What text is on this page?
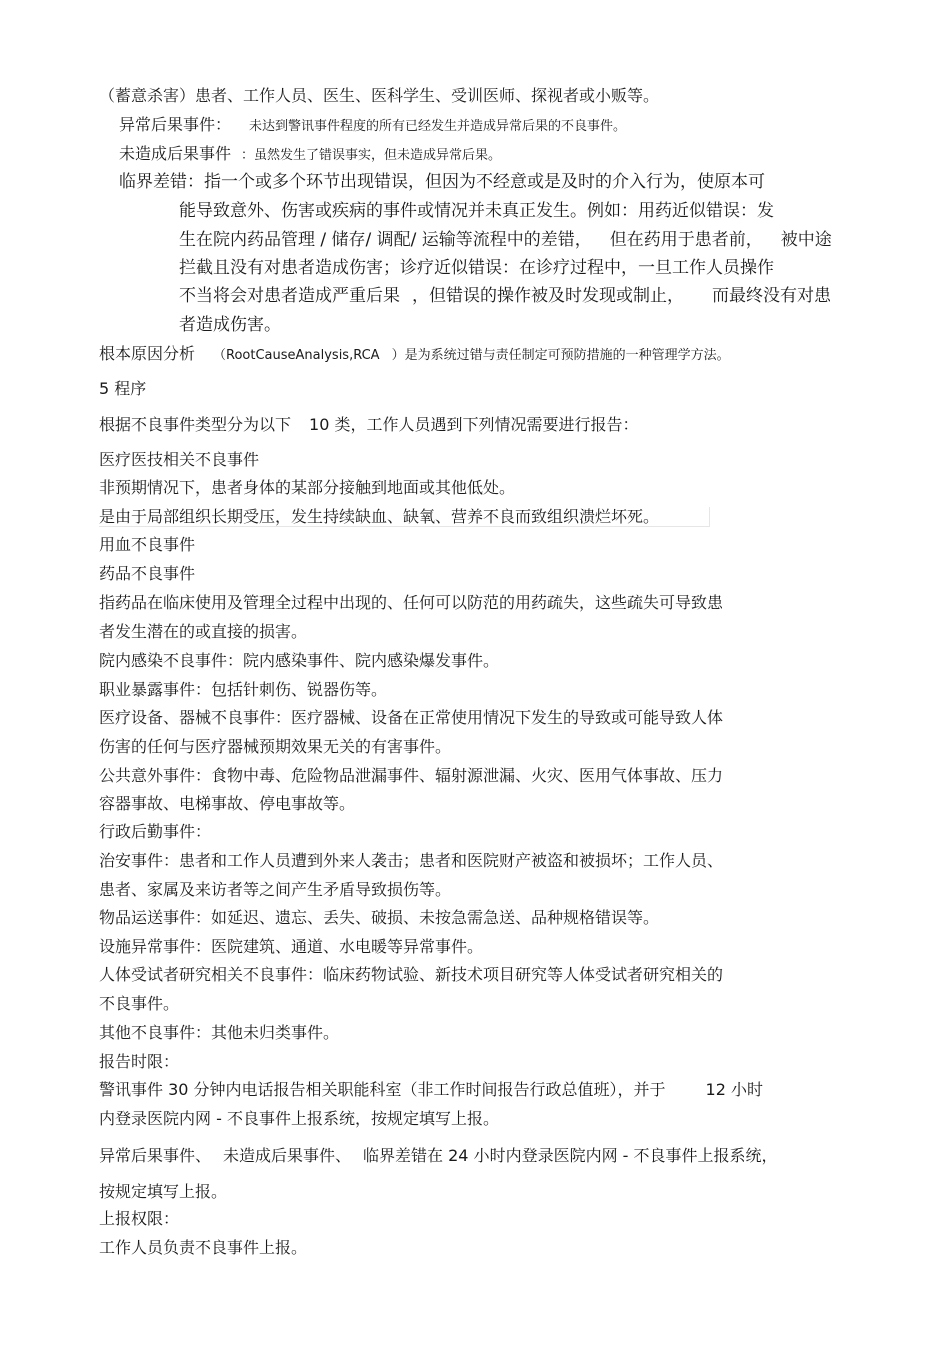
（蓄意杀害）患者、工作人员、医生、医科学生、受训医师、探视者或小贩等。
异常后果事件： 未达到警讯事件程度的所有已经发生并造成异常后果的不良事件。
未造成后果事件 ：虽然发生了错误事实，但未造成异常后果。
临界差错：指一个或多个环节出现错误，但因为不经意或是及时的介入行为，使原本可
能导致意外、伤害或疾病的事件或情况并未真正发生。例如：用药近似错误：发
生在院内药品管理 / 储存/ 调配/ 运输等流程中的差错， 但在药用于患者前， 被中途
拦截且没有对患者造成伤害；诊疗近似错误：在诊疗过程中，一旦工作人员操作
不当将会对患者造成严重后果 ，但错误的操作被及时发现或制止， 而最终没有对患
者造成伤害。
根本原因分析 （RootCauseAnalysis,RCA ）是为系统过错与责任制定可预防措施的一种管理学方法。
5 程序
根据不良事件类型分为以下 10 类，工作人员遇到下列情况需要进行报告：
医疗医技相关不良事件
非预期情况下，患者身体的某部分接触到地面或其他低处。
是由于局部组织长期受压，发生持续缺血、缺氧、营养不良而致组织溃烂坏死。
用血不良事件
药品不良事件
指药品在临床使用及管理全过程中出现的、任何可以防范的用药疏失，这些疏失可导致患
者发生潜在的或直接的损害。
院内感染不良事件：院内感染事件、院内感染爆发事件。
职业暴露事件：包括针刺伤、锐器伤等。
医疗设备、器械不良事件：医疗器械、设备在正常使用情况下发生的导致或可能导致人体
伤害的任何与医疗器械预期效果无关的有害事件。
公共意外事件：食物中毒、危险物品泄漏事件、辐射源泄漏、火灾、医用气体事故、压力
容器事故、电梯事故、停电事故等。
行政后勤事件：
治安事件：患者和工作人员遭到外来人袭击；患者和医院财产被盗和被损坏；工作人员、
患者、家属及来访者等之间产生矛盾导致损伤等。
物品运送事件：如延迟、遗忘、丢失、破损、未按急需急送、品种规格错误等。
设施异常事件：医院建筑、通道、水电暖等异常事件。
人体受试者研究相关不良事件：临床药物试验、新技术项目研究等人体受试者研究相关的
不良事件。
其他不良事件：其他未归类事件。
报告时限：
警讯事件 30 分钟内电话报告相关职能科室（非工作时间报告行政总值班），并于	12 小时
内登录医院内网 - 不良事件上报系统，按规定填写上报。
异常后果事件、 未造成后果事件、 临界差错在 24 小时内登录医院内网 - 不良事件上报系统，
按规定填写上报。
上报权限：
工作人员负责不良事件上报。
